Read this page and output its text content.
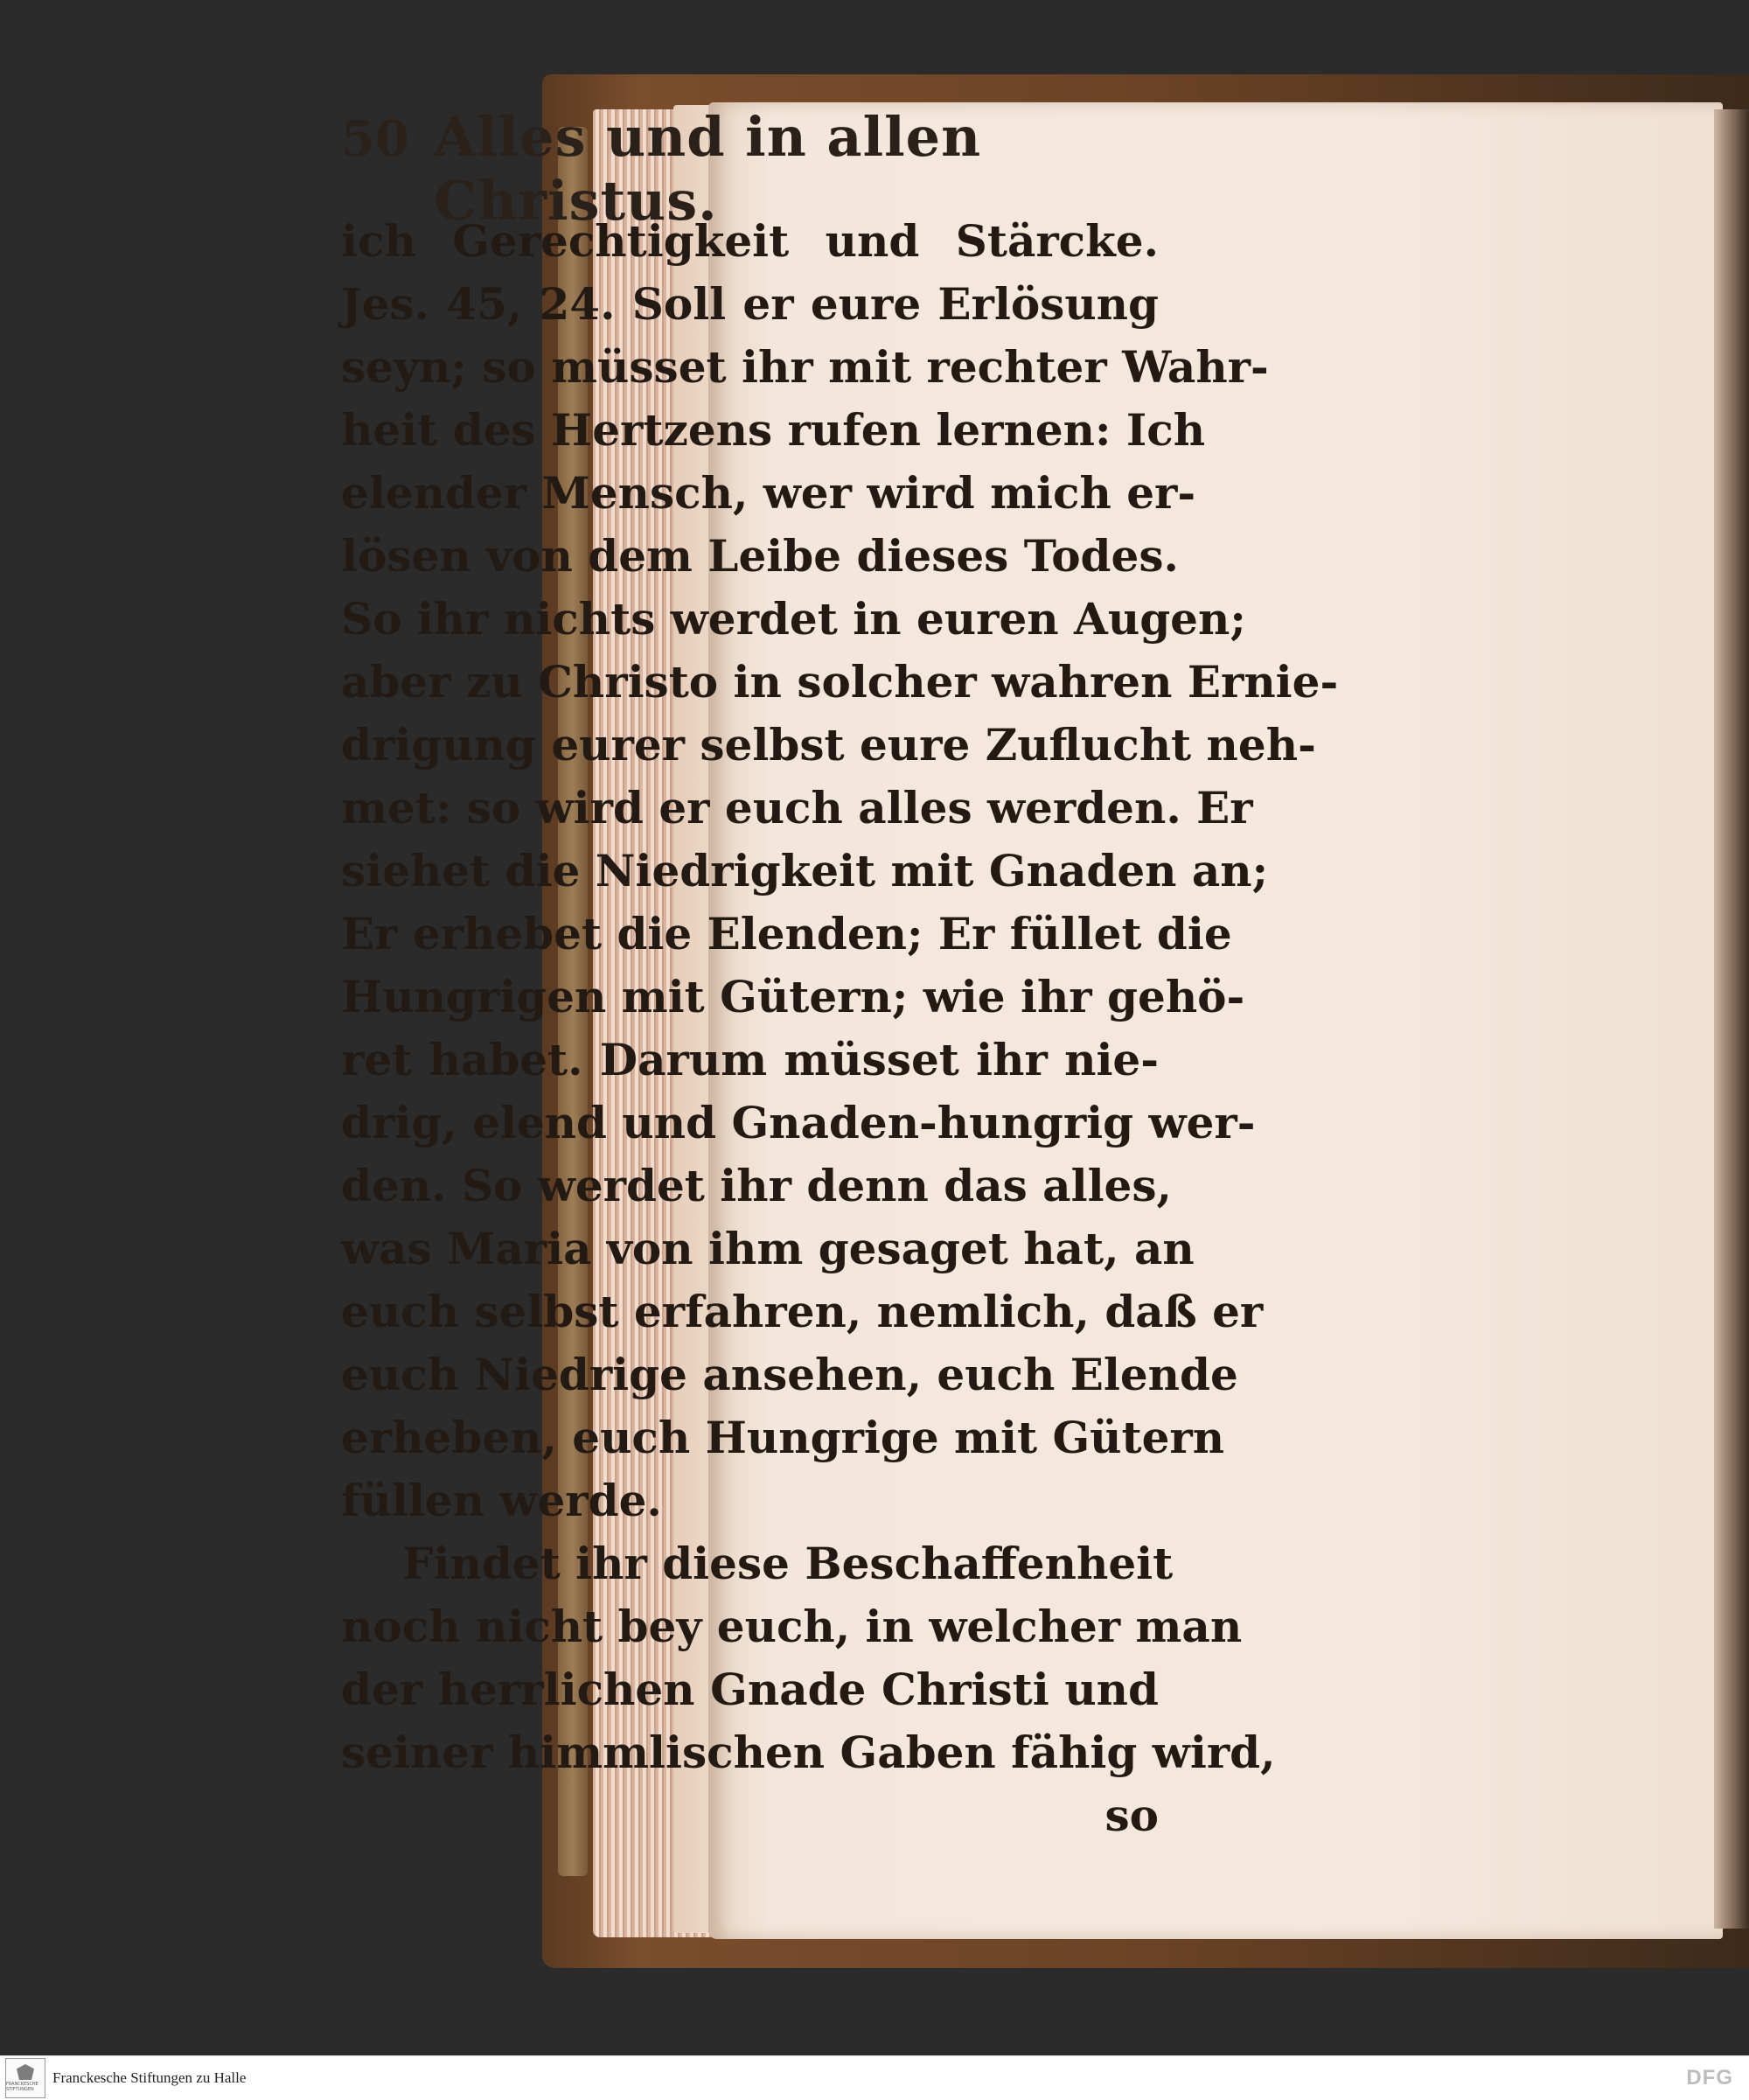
50 Alles und in allen Christus.
ich Gerechtigkeit und Stärcke.
Jes. 45, 24. Soll er eure Erlösung
seyn; so müsset ihr mit rechter Wahr-
heit des Hertzens rufen lernen: Ich
elender Mensch, wer wird mich er-
lösen von dem Leibe dieses Todes.
So ihr nichts werdet in euren Augen;
aber zu Christo in solcher wahren Ernie-
drigung eurer selbst eure Zuflucht neh-
met: so wird er euch alles werden. Er
siehet die Niedrigkeit mit Gnaden an;
Er erhebet die Elenden; Er füllet die
Hungrigen mit Gütern; wie ihr gehö-
ret habet. Darum müsset ihr nie-
drig, elend und Gnaden-hungrig wer-
den. So werdet ihr denn das alles,
was Maria von ihm gesaget hat, an
euch selbst erfahren, nemlich, daß er
euch Niedrige ansehen, euch Elende
erheben, euch Hungrige mit Gütern
füllen werde.
Findet ihr diese Beschaffenheit
noch nicht bey euch, in welcher man
der herrlichen Gnade Christi und
seiner himmlischen Gaben fähig wird,
so
FRANCKESCHE STIFTUNGEN
Franckesche Stiftungen zu Halle	DFG
